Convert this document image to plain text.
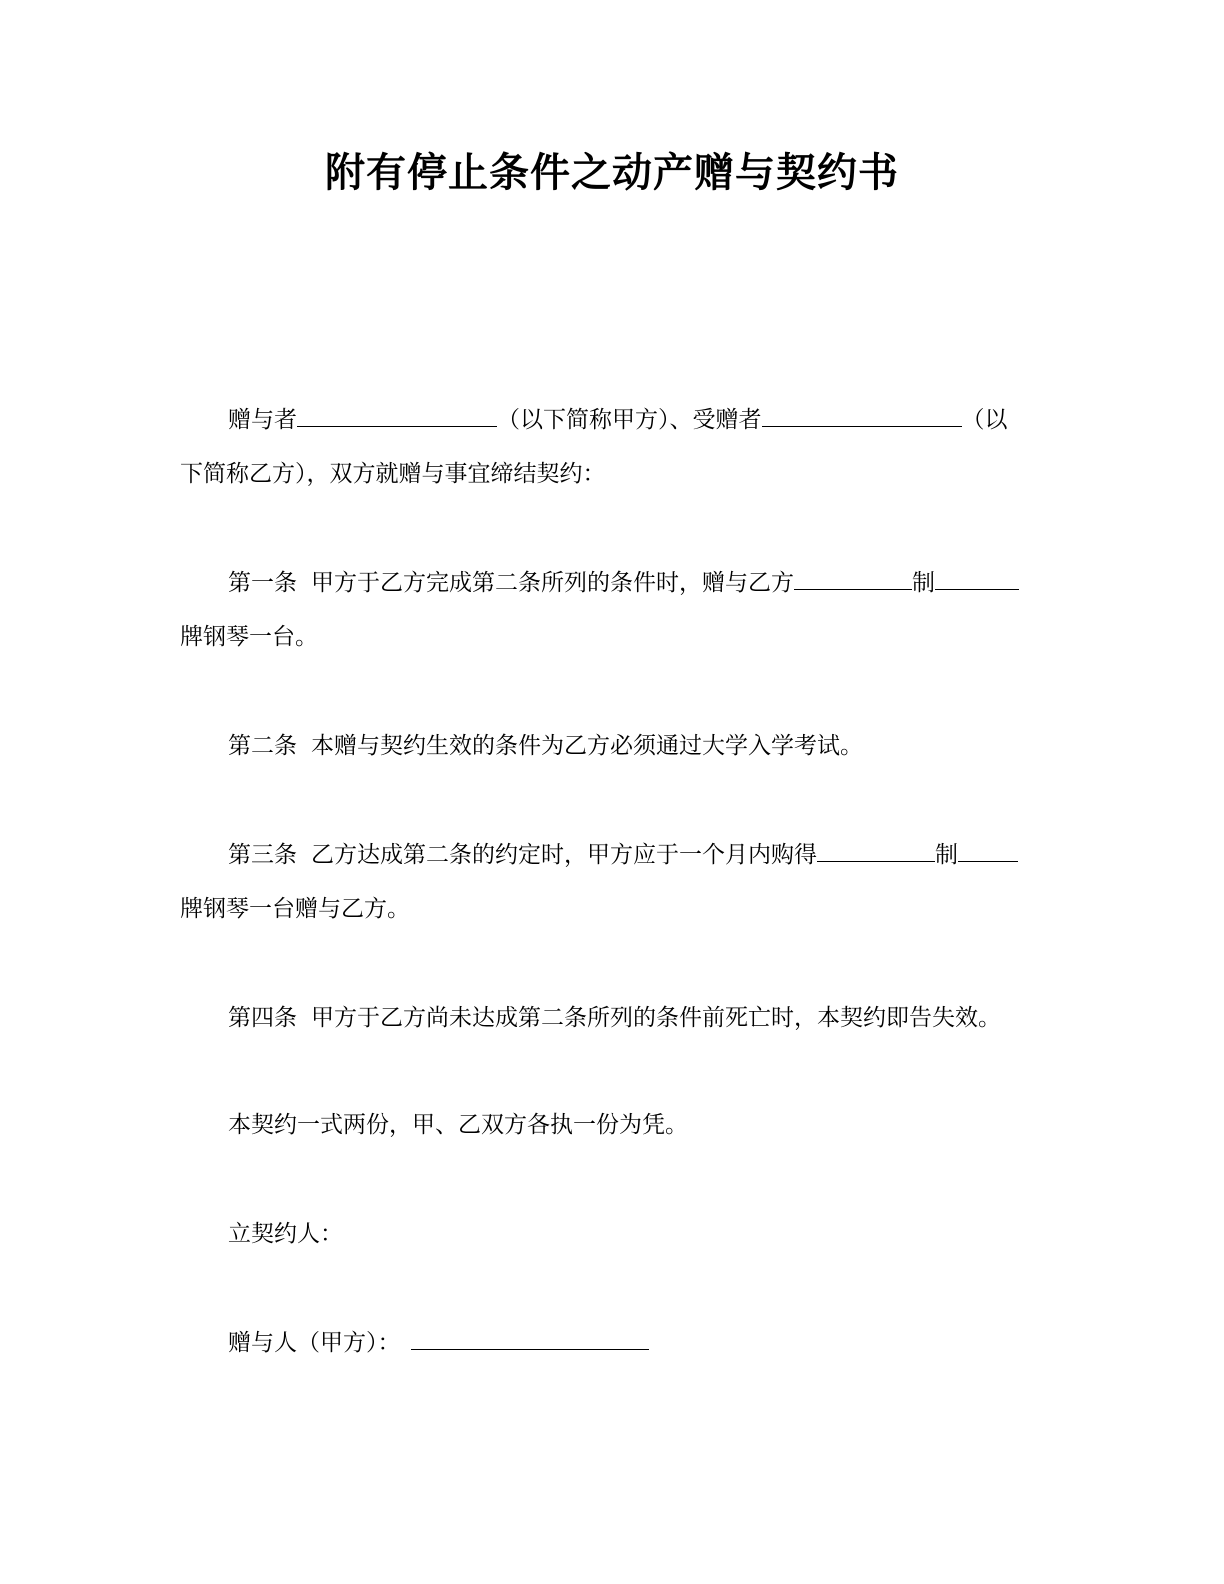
附有停止条件之动产赠与契约书
赠与者	（以下简称甲方）、受赠者	（以
下简称乙方），双方就赠与事宜缔结契约：
第一条 甲方于乙方完成第二条所列的条件时，赠与乙方	制
牌钢琴一台。
第二条 本赠与契约生效的条件为乙方必须通过大学入学考试。
第三条 乙方达成第二条的约定时，甲方应于一个月内购得	制
牌钢琴一台赠与乙方。
第四条 甲方于乙方尚未达成第二条所列的条件前死亡时，本契约即告失效。
本契约一式两份，甲、乙双方各执一份为凭。
立契约人：
赠与人（甲方）：
